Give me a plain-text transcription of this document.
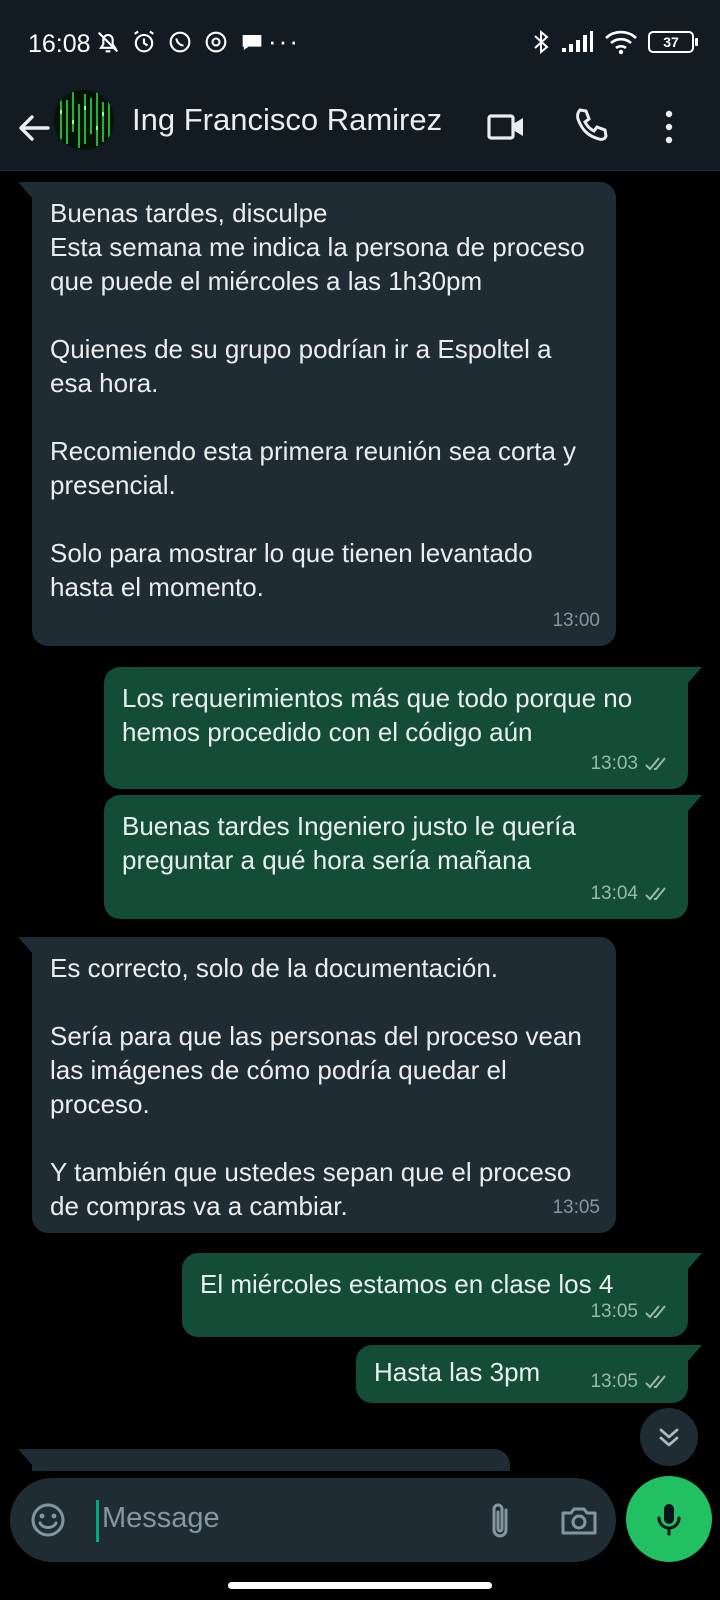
16:08	···	37
Ing Francisco Ramirez
Buenas tardes, disculpe
Esta semana me indica la persona de proceso que puede el miércoles a las 1h30pm

Quienes de su grupo podrían ir a Espoltel a esa hora.

Recomiendo esta primera reunión sea corta y presencial.

Solo para mostrar lo que tienen levantado hasta el momento.
13:00
Los requerimientos más que todo porque no hemos procedido con el código aún
13:03
Buenas tardes Ingeniero justo le quería preguntar a qué hora sería mañana
13:04
Es correcto, solo de la documentación.

Sería para que las personas del proceso vean las imágenes de cómo podría quedar el proceso.

Y también que ustedes sepan que el proceso de compras va a cambiar.	13:05
El miércoles estamos en clase los 4
13:05
Hasta las 3pm	13:05
Message
